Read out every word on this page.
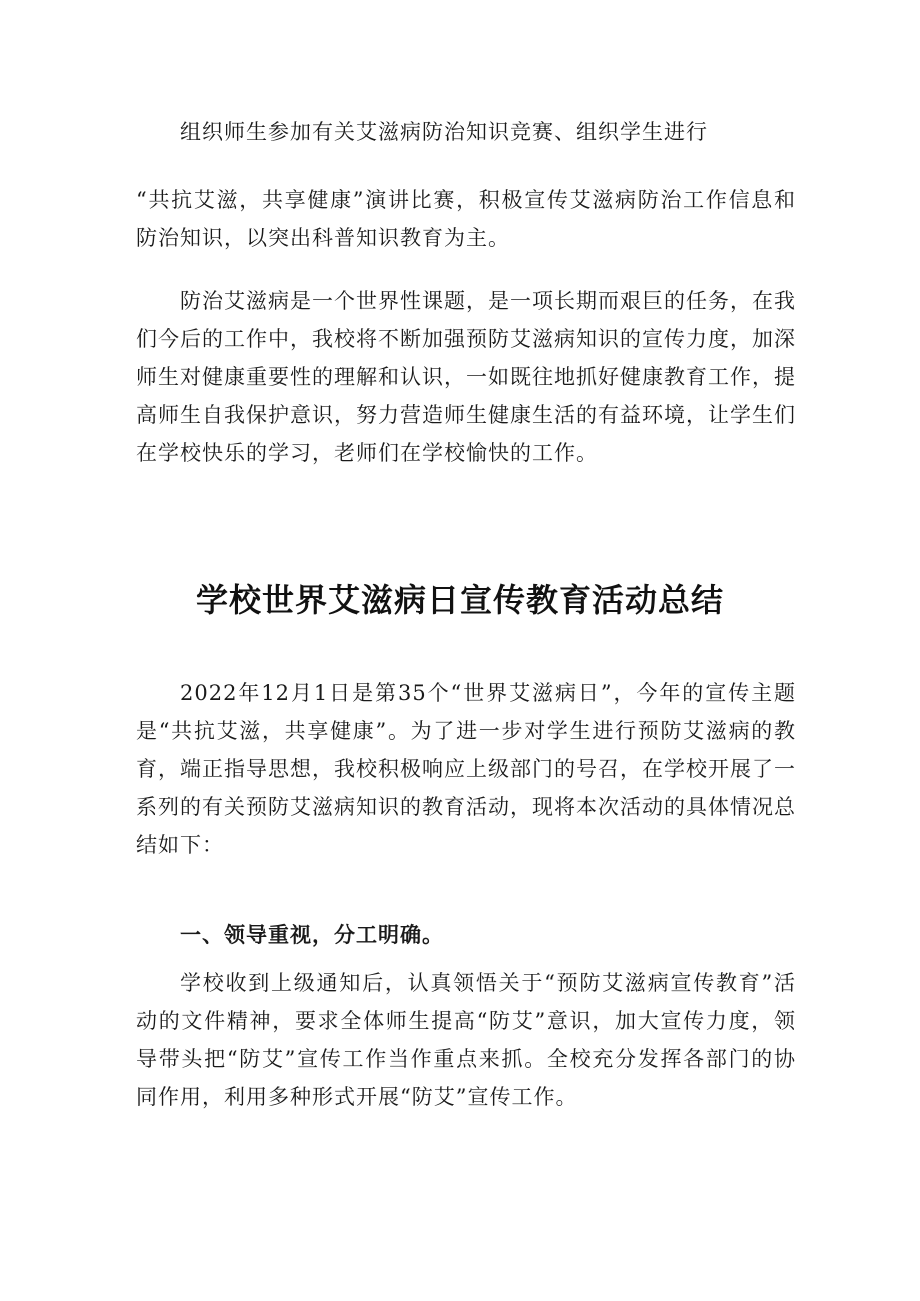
组织师生参加有关艾滋病防治知识竞赛、组织学生进行

“共抗艾滋，共享健康”演讲比赛，积极宣传艾滋病防治工作信息和防治知识，以突出科普知识教育为主。

防治艾滋病是一个世界性课题，是一项长期而艰巨的任务，在我们今后的工作中，我校将不断加强预防艾滋病知识的宣传力度，加深师生对健康重要性的理解和认识，一如既往地抓好健康教育工作，提高师生自我保护意识，努力营造师生健康生活的有益环境，让学生们在学校快乐的学习，老师们在学校愉快的工作。

学校世界艾滋病日宣传教育活动总结

2022年12月1日是第35个“世界艾滋病日”，今年的宣传主题是“共抗艾滋，共享健康”。为了进一步对学生进行预防艾滋病的教育，端正指导思想，我校积极响应上级部门的号召，在学校开展了一系列的有关预防艾滋病知识的教育活动，现将本次活动的具体情况总结如下：

一、领导重视，分工明确。

学校收到上级通知后，认真领悟关于“预防艾滋病宣传教育”活动的文件精神，要求全体师生提高“防艾”意识，加大宣传力度，领导带头把“防艾”宣传工作当作重点来抓。全校充分发挥各部门的协同作用，利用多种形式开展“防艾”宣传工作。
